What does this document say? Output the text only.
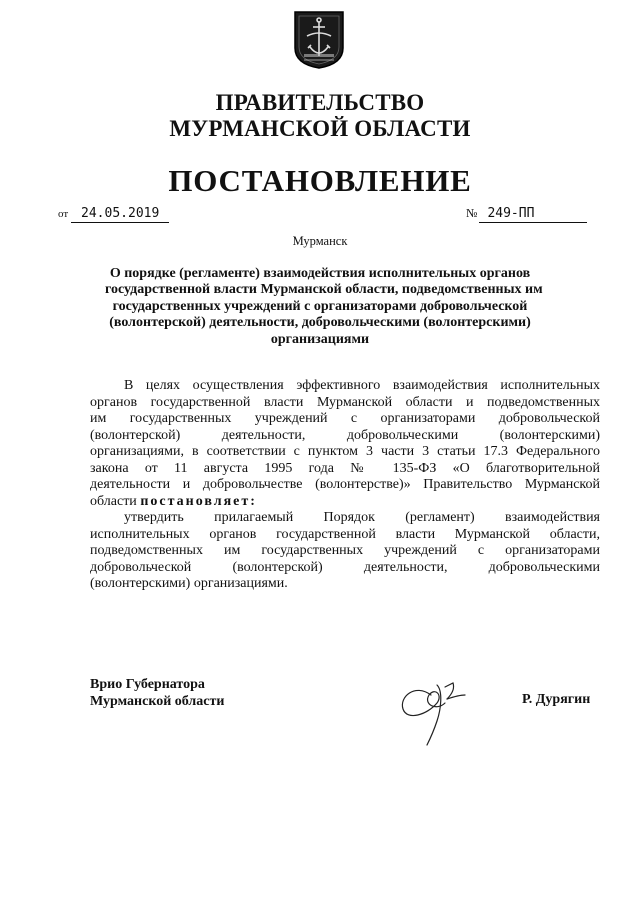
ПРАВИТЕЛЬСТВО
МУРМАНСКОЙ ОБЛАСТИ
ПОСТАНОВЛЕНИЕ
от 24.05.2019	№ 249-ПП
Мурманск
О порядке (регламенте) взаимодействия исполнительных органов
государственной власти Мурманской области, подведомственных им
государственных учреждений с организаторами добровольческой
(волонтерской) деятельности, добровольческими (волонтерскими)
организациями
В целях осуществления эффективного взаимодействия исполнительных
органов государственной власти Мурманской области и подведомственных
им государственных учреждений с организаторами добровольческой
(волонтерской) деятельности, добровольческими (волонтерскими)
организациями, в соответствии с пунктом 3 части 3 статьи 17.3 Федерального
закона от 11 августа 1995 года № 135-ФЗ «О благотворительной
деятельности и добровольчестве (волонтерстве)» Правительство Мурманской
области постановляет:
утвердить прилагаемый Порядок (регламент) взаимодействия
исполнительных органов государственной власти Мурманской области,
подведомственных им государственных учреждений с организаторами
добровольческой (волонтерской) деятельности, добровольческими
(волонтерскими) организациями.
Врио Губернатора
Мурманской области	Р. Дурягин
